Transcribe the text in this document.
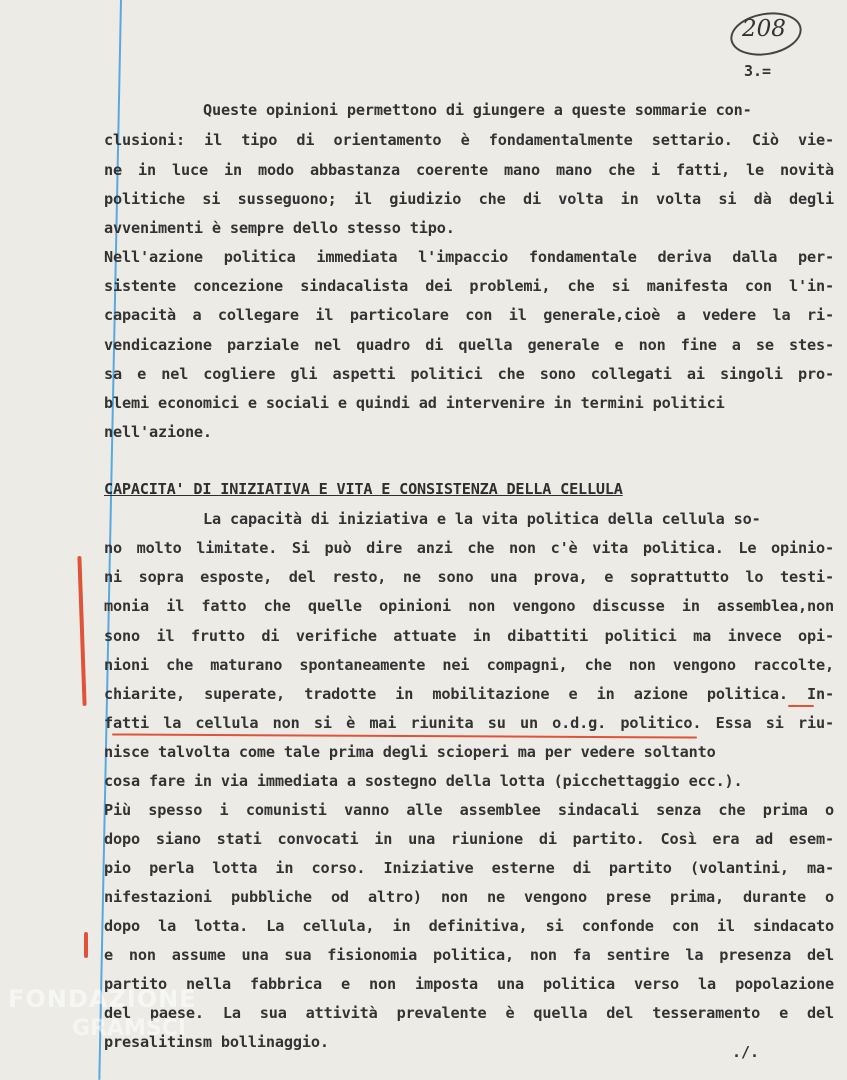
208
3.=
Queste opinioni permettono di giungere a queste sommarie con-
clusioni: il tipo di orientamento è fondamentalmente settario. Ciò vie-
ne in luce in modo abbastanza coerente mano mano che i fatti, le novità
politiche si susseguono; il giudizio che di volta in volta si dà degli
avvenimenti è sempre dello stesso tipo.
Nell'azione politica immediata l'impaccio fondamentale deriva dalla per-
sistente concezione sindacalista dei problemi, che si manifesta con l'in-
capacità a collegare il particolare con il generale,cioè a vedere la ri-
vendicazione parziale nel quadro di quella generale e non fine a se stes-
sa e nel cogliere gli aspetti politici che sono collegati ai singoli pro-
blemi economici e sociali e quindi ad intervenire in termini politici
nell'azione.
CAPACITA' DI INIZIATIVA E VITA E CONSISTENZA DELLA CELLULA
La capacità di iniziativa e la vita politica della cellula so-
no molto limitate. Si può dire anzi che non c'è vita politica. Le opinio-
ni sopra esposte, del resto, ne sono una prova, e soprattutto lo testi-
monia il fatto che quelle opinioni non vengono discusse in assemblea,non
sono il frutto di verifiche attuate in dibattiti politici ma invece opi-
nioni che maturano spontaneamente nei compagni, che non vengono raccolte,
chiarite, superate, tradotte in mobilitazione e in azione politica. In-
fatti la cellula non si è mai riunita su un o.d.g. politico. Essa si riu-
nisce talvolta come tale prima degli scioperi ma per vedere soltanto
cosa fare in via immediata a sostegno della lotta (picchettaggio ecc.).
Più spesso i comunisti vanno alle assemblee sindacali senza che prima o
dopo siano stati convocati in una riunione di partito. Così era ad esem-
pio perla lotta in corso. Iniziative esterne di partito (volantini, ma-
nifestazioni pubbliche od altro) non ne vengono prese prima, durante o
dopo la lotta. La cellula, in definitiva, si confonde con il sindacato
e non assume una sua fisionomia politica, non fa sentire la presenza del
partito nella fabbrica e non imposta una politica verso la popolazione
del paese. La sua attività prevalente è quella del tesseramento e del
presalitinsm bollinaggio.
./.
FONDAZIONE
GRAMSCI
